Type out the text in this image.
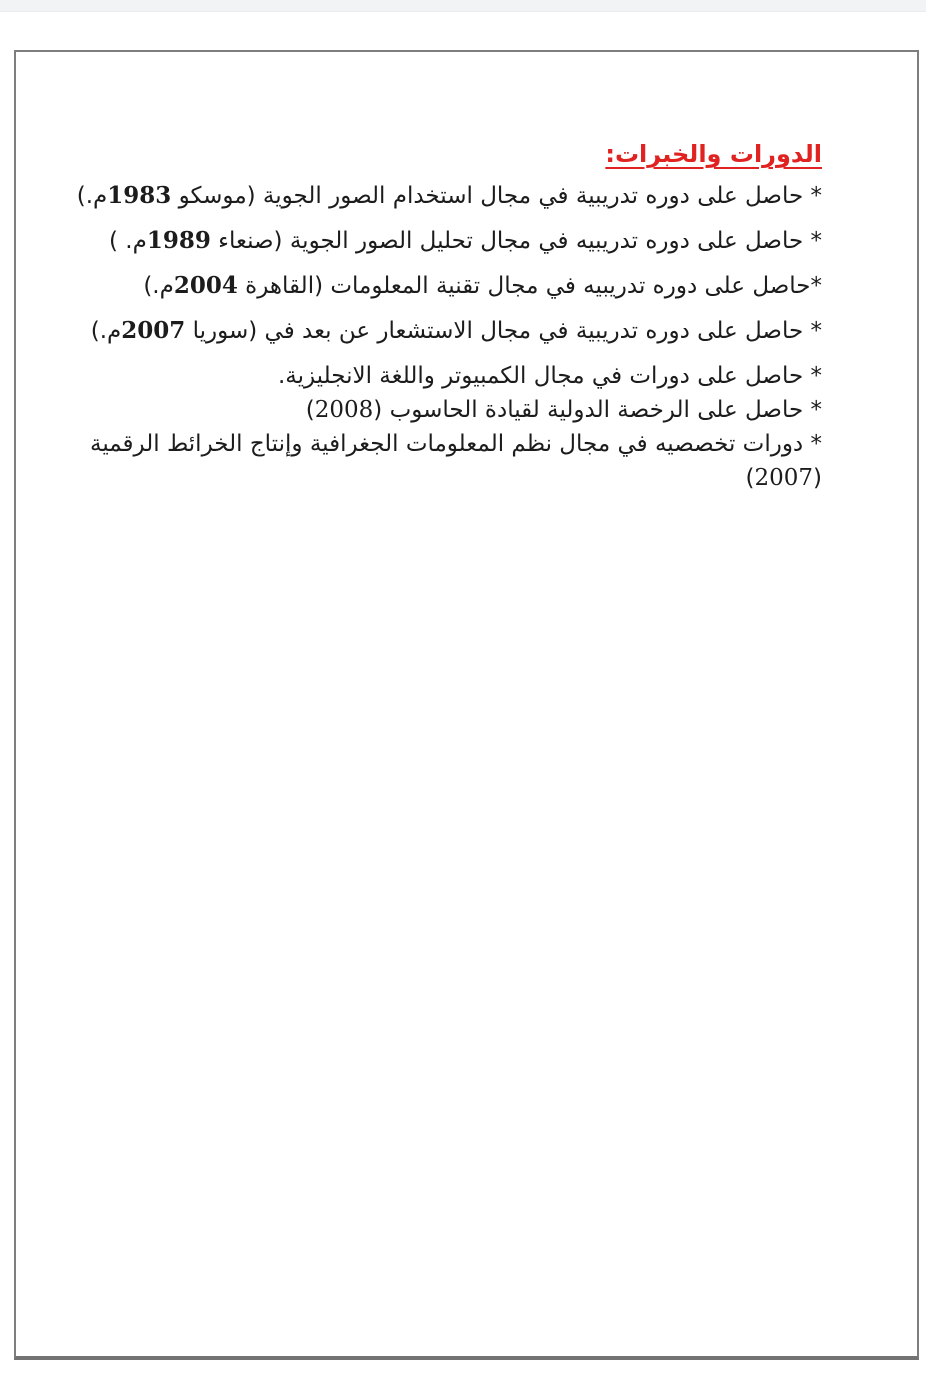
الدورات والخبرات:
* حاصل على دوره تدريبية في مجال استخدام الصور الجوية (موسكو 1983م.)
* حاصل على دوره تدريبيه في مجال تحليل الصور الجوية (صنعاء 1989م. )
*حاصل على دوره تدريبيه في مجال تقنية المعلومات (القاهرة 2004م.)
* حاصل على دوره تدريبية في مجال الاستشعار عن بعد في (سوريا 2007م.)
* حاصل على دورات في مجال الكمبيوتر واللغة الانجليزية.
* حاصل على الرخصة الدولية لقيادة الحاسوب (2008)
* دورات تخصصيه في مجال نظم المعلومات الجغرافية وإنتاج الخرائط الرقمية
(2007)
